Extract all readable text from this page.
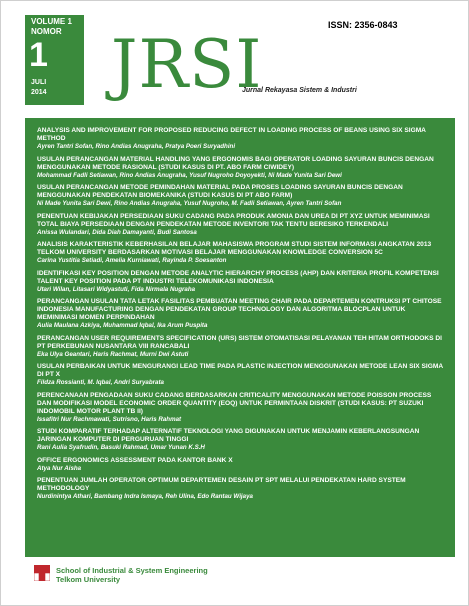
VOLUME 1
NOMOR
1
JULI
2014 JRSI
Jurnal Rekayasa Sistem & Industri
ISSN: 2356-0843
ANALYSIS AND IMPROVEMENT FOR PROPOSED REDUCING DEFECT IN LOADING PROCESS OF BEANS USING SIX SIGMA METHOD
Ayren Tantri Sofan, Rino Andias Anugraha, Pratya Poeri Suryadhini
USULAN PERANCANGAN MATERIAL HANDLING YANG ERGONOMIS BAGI OPERATOR LOADING SAYURAN BUNCIS DENGAN MENGGUNAKAN METODE RASIONAL (STUDI KASUS DI PT. ABO FARM CIWIDEY)
Mohammad Fadli Setiawan, Rino Andias Anugraha, Yusuf Nugroho Doyoyekti, Ni Made Yunita Sari Dewi
USULAN PERANCANGAN METODE PEMINDAHAN MATERIAL PADA PROSES LOADING SAYURAN BUNCIS DENGAN MENGGUNAKAN PENDEKATAN BIOMEKANIKA (STUDI KASUS DI PT ABO FARM)
Ni Made Yunita Sari Dewi, Rino Andias Anugraha, Yusuf Nugroho, M. Fadli Setiawan, Ayren Tantri Sofan
PENENTUAN KEBIJAKAN PERSEDIAAN SUKU CADANG PADA PRODUK AMONIA DAN UREA DI PT XYZ UNTUK MEMINIMASI TOTAL BIAYA PERSEDIAAN DENGAN PENDEKATAN METODE INVENTORI TAK TENTU BERESIKO TERKENDALI
Anissa Wulandari, Dida Diah Damayanti, Budi Santosa
ANALISIS KARAKTERISTIK KEBERHASILAN BELAJAR MAHASISWA PROGRAM STUDI SISTEM INFORMASI ANGKATAN 2013 TELKOM UNIVERSITY BERDASARKAN MOTIVASI BELAJAR MENGGUNAKAN KNOWLEDGE CONVERSION 5C
Carina Yustitia Setiadi, Amelia Kurniawati, Rayinda P. Soesanton
IDENTIFIKASI KEY POSITION DENGAN METODE ANALYTIC HIERARCHY PROCESS (AHP) DAN KRITERIA PROFIL KOMPETENSI TALENT KEY POSITION PADA PT INDUSTRI TELEKOMUNIKASI INDONESIA
Utari Wilan, Litasari Widyastuti, Fida Nirmala Nugraha
PERANCANGAN USULAN TATA LETAK FASILITAS PEMBUATAN MEETING CHAIR PADA DEPARTEMEN KONTRUKSI PT CHITOSE INDONESIA MANUFACTURING DENGAN PENDEKATAN GROUP TECHNOLOGY DAN ALGORITMA BLOCPLAN UNTUK MEMINIMASI MOMEN PERPINDAHAN
Aulia Maulana Azkiya, Muhammad Iqbal, Ika Arum Puspita
PERANCANGAN USER REQUIREMENTS SPECIFICATION (URS) SISTEM OTOMATISASI PELAYANAN TEH HITAM ORTHODOKS DI PT PERKEBUNAN NUSANTARA VIII RANCABALI
Eka Ulya Geantari, Haris Rachmat, Murni Dwi Astuti
USULAN PERBAIKAN UNTUK MENGURANGI LEAD TIME PADA PLASTIC INJECTION MENGGUNAKAN METODE LEAN SIX SIGMA DI PT X
Fildza Rossianti, M. Iqbal, Andri Suryabrata
PERENCANAAN PENGADAAN SUKU CADANG BERDASARKAN CRITICALITY MENGGUNAKAN METODE POISSON PROCESS DAN MODIFIKASI MODEL ECONOMIC ORDER QUANTITY (EOQ) UNTUK PERMINTAAN DISKRIT (STUDI KASUS: PT SUZUKI INDOMOBIL MOTOR PLANT TB II)
Issafitri Nur Rachmawati, Sutrisno, Haris Rahmat
STUDI KOMPARATIF TERHADAP ALTERNATIF TEKNOLOGI YANG DIGUNAKAN UNTUK MENJAMIN KEBERLANGSUNGAN JARINGAN KOMPUTER DI PERGURUAN TINGGI
Rani Aulia Syafrudin, Basuki Rahmad, Umar Yunan K.S.H
OFFICE ERGONOMICS ASSESSMENT PADA KANTOR BANK X
Atya Nur Aisha
PENENTUAN JUMLAH OPERATOR OPTIMUM DEPARTEMEN DESAIN PT SPT MELALUI PENDEKATAN HARD SYSTEM METHODOLOGY
Nurdinintya Athari, Bambang Indra Ismaya, Reh Ulina, Edo Rantau Wijaya
School of Industrial & System Engineering
Telkom University
